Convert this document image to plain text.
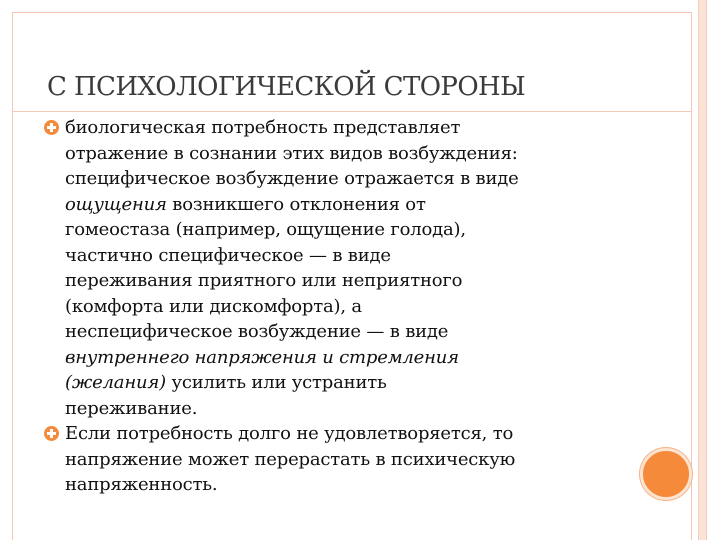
С ПСИХОЛОГИЧЕСКОЙ СТОРОНЫ
биологическая потребность представляет
отражение в сознании этих видов возбуждения:
специфическое возбуждение отражается в виде
ощущения возникшего отклонения от
гомеостаза (например, ощущение голода),
частично специфическое — в виде
переживания приятного или неприятного
(комфорта или дискомфорта), а
неспецифическое возбуждение — в виде
внутреннего напряжения и стремления
(желания) усилить или устранить
переживание.
Если потребность долго не удовлетворяется, то
напряжение может перерастать в психическую
напряженность.
